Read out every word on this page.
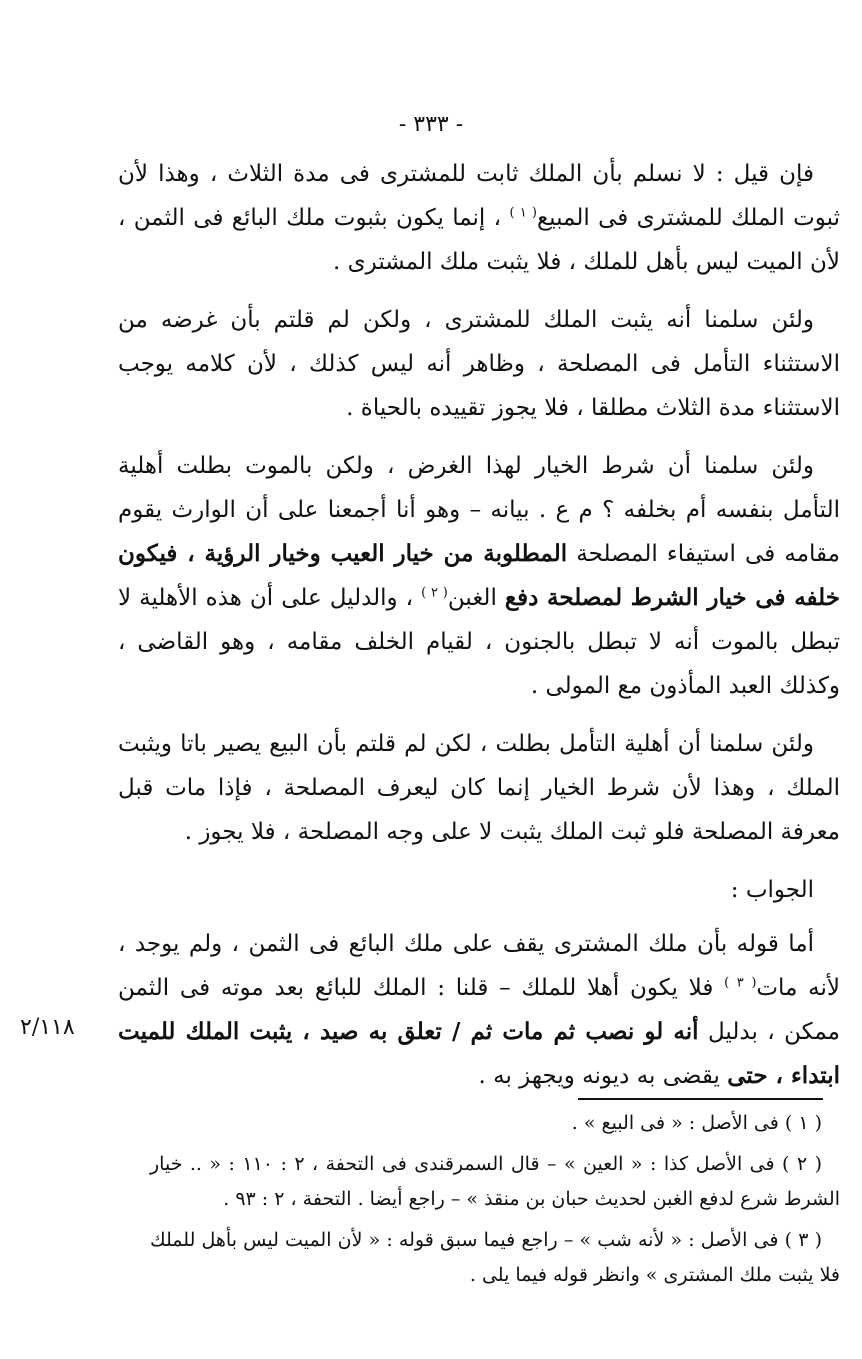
- ٣٣٣ -

فإن قيل : لا نسلم بأن الملك ثابت للمشترى فى مدة الثلاث ، وهذا لأن ثبوت الملك للمشترى فى المبيع$^{( ١ )}$ ، إنما يكون بثبوت ملك البائع فى الثمن ، لأن الميت ليس بأهل للملك ، فلا يثبت ملك المشترى .

ولئن سلمنا أنه يثبت الملك للمشترى ، ولكن لم قلتم بأن غرضه من الاستثناء التأمل فى المصلحة ، وظاهر أنه ليس كذلك ، لأن كلامه يوجب الاستثناء مدة الثلاث مطلقا ، فلا يجوز تقييده بالحياة .

ولئن سلمنا أن شرط الخيار لهذا الغرض ، ولكن بالموت بطلت أهلية التأمل بنفسه أم بخلفه ؟ م ع . بيانه – وهو أنا أجمعنا على أن الوارث يقوم مقامه فى استيفاء المصلحة المطلوبة من خيار العيب وخيار الرؤية ، فيكون خلفه فى خيار الشرط لمصلحة دفع الغبن$^{( ٢ )}$ ، والدليل على أن هذه الأهلية لا تبطل بالموت أنه لا تبطل بالجنون ، لقيام الخلف مقامه ، وهو القاضى ، وكذلك العبد المأذون مع المولى .

ولئن سلمنا أن أهلية التأمل بطلت ، لكن لم قلتم بأن البيع يصير باتا ويثبت الملك ، وهذا لأن شرط الخيار إنما كان ليعرف المصلحة ، فإذا مات قبل معرفة المصلحة فلو ثبت الملك يثبت لا على وجه المصلحة ، فلا يجوز .

الجواب :

أما قوله بأن ملك المشترى يقف على ملك البائع فى الثمن ، ولم يوجد ، لأنه مات$^{( ٣ )}$ فلا يكون أهلا للملك – قلنا : الملك للبائع بعد موته فى الثمن ممكن ، بدليل أنه لو نصب ثم مات ثم / تعلق به صيد ، يثبت الملك للميت ابتداء ، حتى يقضى به ديونه ويجهز به .

٢/١١٨

( ١ ) فى الأصل : « فى البيع » .

( ٢ ) فى الأصل كذا : « العين » – قال السمرقندى فى التحفة ، ٢ : ١١٠ : « .. خيار الشرط شرع لدفع الغبن لحديث حبان بن منقذ » – راجع أيضا . التحفة ، ٢ : ٩٣ .

( ٣ ) فى الأصل : « لأنه شب » – راجع فيما سبق قوله : « لأن الميت ليس بأهل للملك فلا يثبت ملك المشترى » وانظر قوله فيما يلى .
